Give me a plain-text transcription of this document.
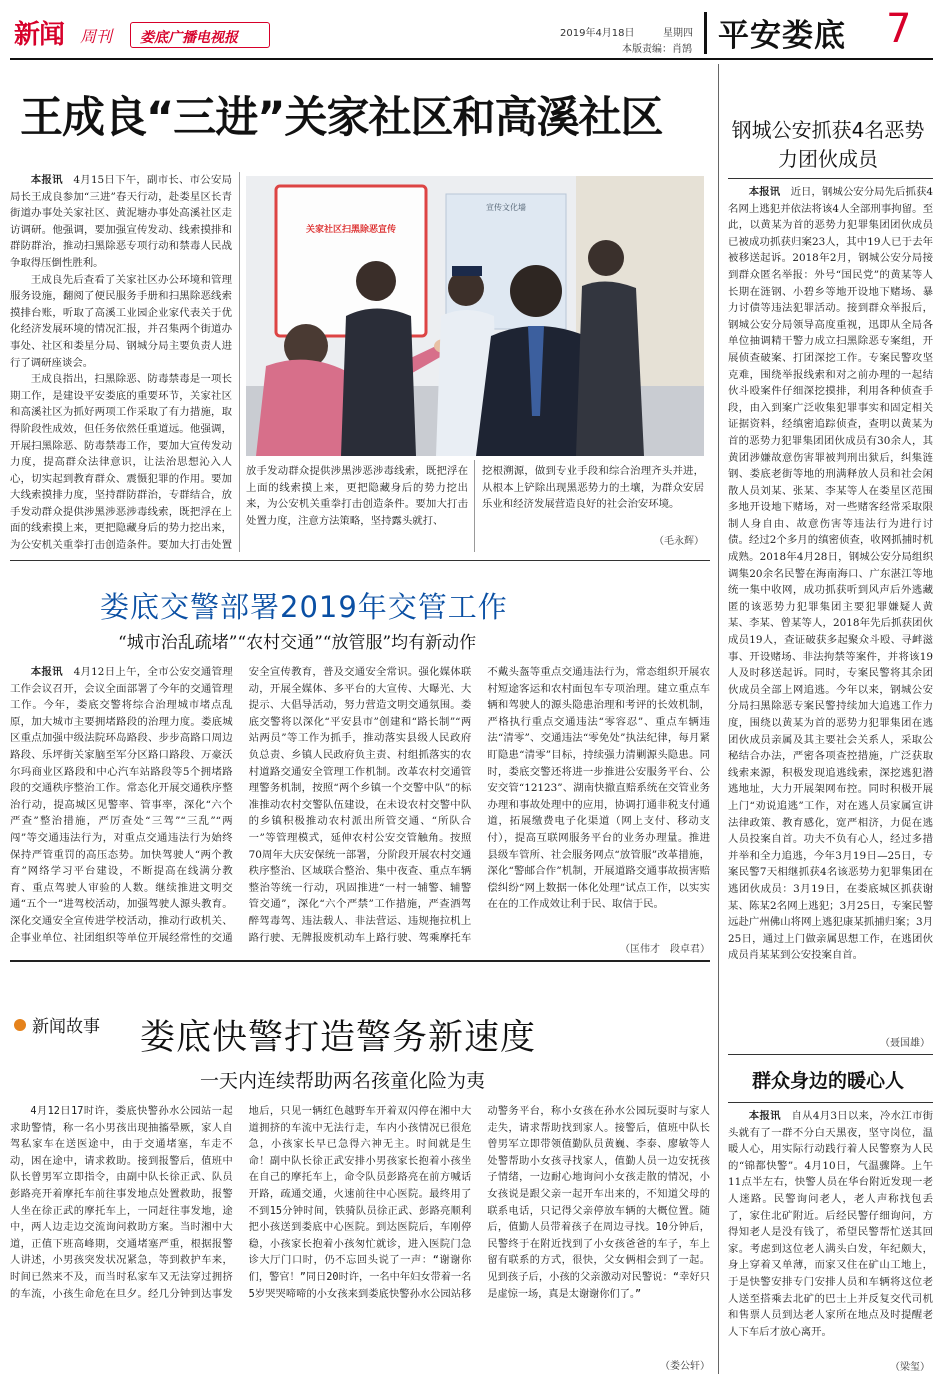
新闻 周刊 娄底广播电视报	2019年4月18日	星期四
本版责编：肖鹄 平安娄底 7
王成良“三进”关家社区和高溪社区

本报讯　 4月15日下午，副市长、市公安局局长王成良参加“三进”春天行动，赴娄星区长青街道办事处关家社区、黄泥塘办事处高溪社区走访调研。他强调，要加强宣传发动、线索摸排和群防群治，推动扫黑除恶专项行动和禁毒人民战争取得压倒性胜利。

王成良先后查看了关家社区办公环境和管理服务设施，翻阅了便民服务手册和扫黑除恶线索摸排台账，听取了高溪工业园企业家代表关于优化经济发展环境的情况汇报，并召集两个街道办事处、社区和娄星分局、钢城分局主要负责人进行了调研座谈会。

王成良指出，扫黑除恶、防毒禁毒是一项长期工作，是建设平安娄底的重要环节，关家社区和高溪社区为抓好两项工作采取了有力措施，取得阶段性成效，但任务依然任重道远。他强调，开展扫黑除恶、防毒禁毒工作，要加大宣传发动力度，提高群众法律意识，让法治思想沁入人心，切实起到教育群众、震慑犯罪的作用。要加大线索摸排力度，坚持群防群治，专群结合，放手发动群众提供涉黑涉恶涉毒线索，既把浮在上面的线索摸上来，更把隐藏身后的势力挖出来，为公安机关重拳打击创造条件。要加大打击处置

关家社区扫黑除恶宣传
宣传文化墙
放手发动群众提供涉黑涉恶涉毒线索，既把浮在上面的线索摸上来，更把隐藏身后的势力挖出来，为公安机关重拳打击创造条件。要加大打击处置力度，注意方法策略，坚持露头就打、
挖根溯源，做到专业手段和综合治理齐头并进，从根本上铲除出现黑恶势力的土壤，为群众安居乐业和经济发展营造良好的社会治安环境。
（毛永辉）
娄底交警部署2019年交管工作
“城市治乱疏堵”“农村交通”“放管服”均有新动作

本报讯　 4月12日上午，全市公安交通管理工作会议召开，会议全面部署了今年的交通管理工作。今年，娄底交警将综合治理城市堵点乱原，加大城市主要拥堵路段的治理力度。娄底城区重点加强中级法院环岛路段、步步高路口周边路段、乐坪街关家脑至军分区路口路段、万豪沃尔玛商业区路段和中心汽车站路段等5个拥堵路段的交通秩序整治工作。常态化开展交通秩序整治行动，提高城区见警率、管事率，深化“六个严查”整治措施，严厉查处“三驾”“三乱”“两闯”等交通违法行为，对重点交通违法行为始终保持严管重罚的高压态势。加快驾驶人“两个教育”网络学习平台建设，不断提高在线满分教育、重点驾驶人审验的人数。继续推进文明交通“五个一”进驾校活动，加强驾驶人源头教育。深化交通安全宣传进学校活动，推动行政机关、企事业单位、社团组织等单位开展经常性的交通安全宣传教育，普及交通安全常识。强化媒体联动，开展全媒体、多平台的大宣传、大曝光、大提示、大倡导活动，努力营造文明交通氛围。娄底交警将以深化“平安县市”创建和“路长制”“两站两员”等工作为抓手，推动落实县级人民政府负总责、乡镇人民政府负主责、村组抓落实的农村道路交通安全管理工作机制。改革农村交通管理警务机制，按照“两个乡镇一个交警中队”的标准推动农村交警队伍建设，在未设农村交警中队的乡镇积极推动农村派出所管交通、“所队合一”等管理模式，延伸农村公安交管触角。按照70周年大庆安保统一部署，分阶段开展农村交通秩序整治、区域联合整治、集中夜查、重点车辆整治等统一行动，巩固推进“一村一辅警、辅警管交通”，深化“六个严禁”工作措施，严查酒驾醉驾毒驾、违法载人、非法营运、违规拖拉机上路行驶、无牌报废机动车上路行驶、驾乘摩托车不戴头盔等重点交通违法行为，常态组织开展农村短途客运和农村面包车专项治理。建立重点车辆和驾驶人的源头隐患治理和考评的长效机制，严格执行重点交通违法“零容忍”、重点车辆违法“清零”、交通违法“零免处”执法纪律，每月紧盯隐患“清零”目标，持续强力清剿源头隐患。同时，娄底交警还将进一步推进公安服务平台、公安交管“12123”、湖南快撤直赔系统在交管业务办理和事故处理中的应用，协调打通非税支付通道，拓展缴费电子化渠道（网上支付、移动支付），提高互联网服务平台的业务办理量。推进县级车管所、社会服务网点“放管服”改革措施，深化“警邮合作”机制，开展道路交通事故损害赔偿纠纷“网上数据一体化处理”试点工作，以实实在在的工作成效让利于民、取信于民。

（匡伟才　段卓君）
新闻故事 娄底快警打造警务新速度
一天内连续帮助两名孩童化险为夷

4月12日17时许，娄底快警孙水公园站一起求助警情，称一名小男孩出现抽搐晕厥，家人自驾私家车在送医途中，由于交通堵塞，车走不动，困在途中，请求救助。接到报警后，值班中队长曾男军立即指令，由副中队长徐正武、队员彭路亮开着摩托车前往事发地点处置救助，报警人坐在徐正武的摩托车上，一同赶往事发地，途中，两人边走边交流询问救助方案。当时湘中大道，正值下班高峰期，交通堵塞严重，根据报警人讲述，小男孩突发状况紧急，等到救护车来，时间已然来不及，而当时私家车又无法穿过拥挤的车流，小孩生命危在旦夕。经几分钟到达事发地后，只见一辆红色越野车开着双闪停在湘中大道拥挤的车流中无法行走，车内小孩情况已很危急，小孩家长早已急得六神无主。时间就是生命！副中队长徐正武安排小男孩家长抱着小孩坐在自己的摩托车上，命令队员彭路亮在前方喊话开路，疏通交通，火速前往中心医院。最终用了不到15分钟时间，铁骑队员徐正武、彭路亮顺利把小孩送到娄底中心医院。到达医院后，车刚停稳，小孩家长抱着小孩匆忙就诊，进入医院门急诊大厅门口时，仍不忘回头说了一声：“谢谢你们，警官！”同日20时许，一名中年妇女带着一名5岁哭哭啼啼的小女孩来到娄底快警孙水公园站移动警务平台，称小女孩在孙水公园玩耍时与家人走失，请求帮助找到家人。接警后，值班中队长曾男军立即带领值勤队员黄巍、李泰、廖敏等人处警帮助小女孩寻找家人，值勤人员一边安抚孩子情绪，一边耐心地询问小女孩走散的情况，小女孩说是跟父亲一起开车出来的，不知道父母的联系电话，只记得父亲停放车辆的大概位置。随后，值勤人员带着孩子在周边寻找。10分钟后，民警终于在附近找到了小女孩爸爸的车子，车上留有联系的方式，很快，父女俩相会到了一起。见到孩子后，小孩的父亲激动对民警说：“幸好只是虚惊一场，真是太谢谢你们了。”

（娄公轩）
钢城公安抓获4名恶势力团伙成员

本报讯　 近日，钢城公安分局先后抓获4名网上逃犯并依法将该4人全部刑事拘留。至此，以黄某为首的恶势力犯罪集团团伙成员已被成功抓获归案23人，其中19人已于去年被移送起诉。2018年2月，钢城公安分局接到群众匿名举报：外号“国民党”的黄某等人长期在涟钢、小碧乡等地开设地下赌场、暴力讨债等违法犯罪活动。接到群众举报后，钢城公安分局领导高度重视，迅即从全局各单位抽调精干警力成立扫黑除恶专案组，开展侦查破案、打团深挖工作。专案民警攻坚克难，围绕举报线索和对之前办理的一起结伙斗殴案件仔细深挖摸排，利用各种侦查手段，由入到案广泛收集犯罪事实和固定相关证据资料，经缜密追踪侦查，查明以黄某为首的恶势力犯罪集团团伙成员有30余人，其黄团涉嫌故意伤害罪被判刑出狱后，纠集涟钢、娄底老街等地的刑满释放人员和社会闲散人员刘某、张某、李某等人在娄星区范围多地开设地下赌场，对一些赌客经常采取限制人身自由、故意伤害等违法行为进行讨债。经过2个多月的缜密侦查，收网抓捕时机成熟。2018年4月28日，钢城公安分局组织调集20余名民警在海南海口、广东湛江等地统一集中收网，成功抓获听到风声后外逃藏匿的该恶势力犯罪集团主要犯罪嫌疑人黄某、李某、曾某等人，2018年先后抓获团伙成员19人，查证破获多起聚众斗殴、寻衅滋事、开设赌场、非法拘禁等案件，并将该19人及时移送起诉。同时，专案民警将其余团伙成员全部上网追逃。今年以来，钢城公安分局扫黑除恶专案民警持续加大追逃工作力度，围绕以黄某为首的恶势力犯罪集团在逃团伙成员亲属及其主要社会关系人，采取公秘结合办法，严密各项查控措施，广泛获取线索来源，积极发现追逃线索，深挖逃犯潜逃地址，大力开展架网布控。同时积极开展上门“劝说追逃”工作，对在逃人员家属宣讲法律政策、教育感化，宽严相济，力促在逃人员投案自首。功夫不负有心人，经过多措并举和全力追逃，今年3月19日—25日，专案民警7天相继抓获4名该恶势力犯罪集团在逃团伙成员：3月19日，在娄底城区抓获谢某、陈某2名网上逃犯；3月25日，专案民警远赴广州佛山将网上逃犯康某抓捕归案；3月25日，通过上门做亲属思想工作，在逃团伙成员肖某某到公安投案自首。

（聂国雄）
群众身边的暖心人

本报讯　 自从4月3日以来，冷水江市街头就有了一群不分白天黑夜，坚守岗位，温暖人心，用实际行动践行着人民警察为人民的“锦都快警”。4月10日，气温骤降。上午11点半左右，快警人员在华台附近发现一老人迷路。民警询问老人，老人声称找包丢了，家住北矿附近。后经民警仔细询问，方得知老人是没有钱了，希望民警帮忙送其回家。考虑到这位老人满头白发，年纪颇大，身上穿着又单薄，而家又住在矿山工地上，于是快警安排专门安排人员和车辆将这位老人送至搭乘去北矿的巴士上并反复交代司机和售票人员到达老人家所在地点及时提醒老人下车后才放心离开。

（梁玺）
